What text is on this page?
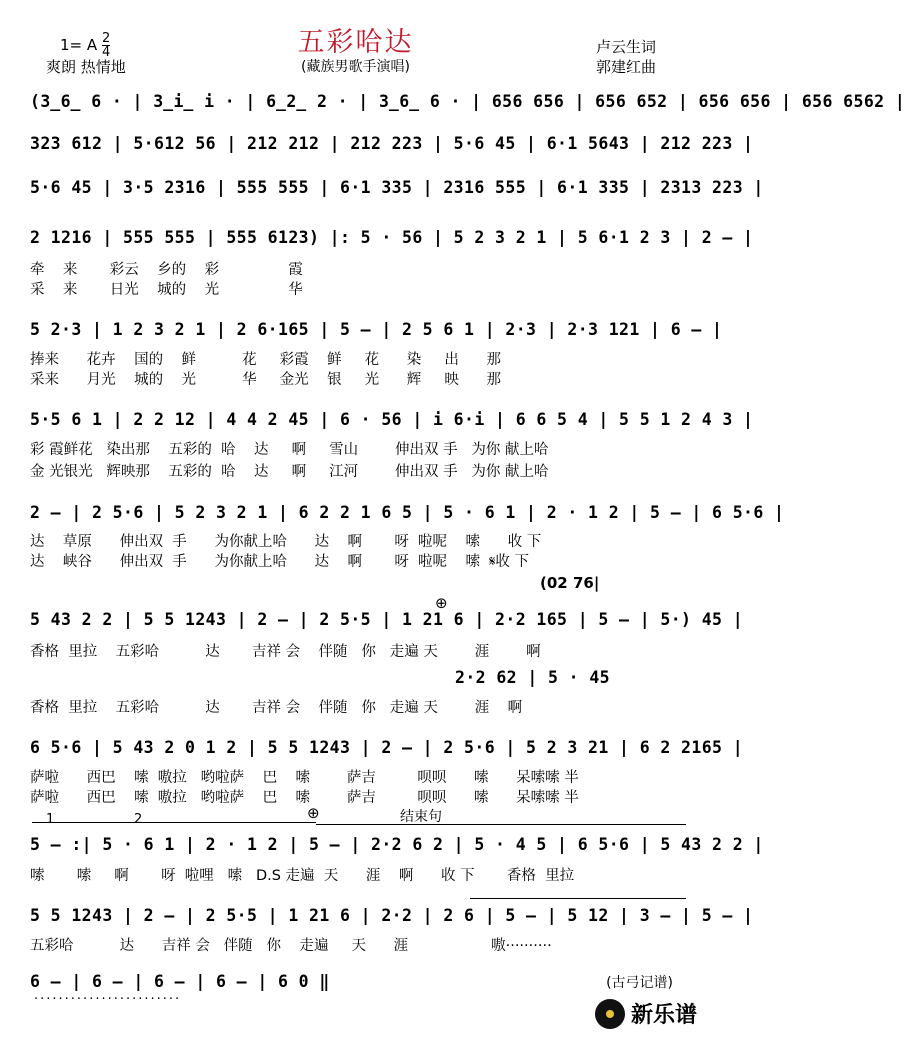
1= A $\frac{2}{4}$
爽朗 热情地
五彩哈达
(藏族男歌手演唱)
卢云生词
郭建红曲
(3̲6̲ 6 · | 3̲i̲ i · | 6̲2̲ 2 · | 3̲6̲ 6 · | 656 656 | 656 652 | 656 656 | 656 6562 |
323 612 | 5·612 56 | 212 212 | 212 223 | 5·6 45 | 6·1 5643 | 212 223 |
5·6 45 | 3·5 2316 | 555 555 | 6·1 335 | 2316 555 | 6·1 335 | 2313 223 |
2 1216 | 555 555 | 555 6123) |: 5 · 56 | 5 2 3 2 1 | 5 6·1 2 3 | 2 – |
牵    来       彩云    乡的    彩               霞
采    来       日光    城的    光               华
5 2·3 | 1 2 3 2 1 | 2 6·165 | 5 – | 2 5 6 1 | 2·3 | 2·3 121 | 6 – |
捧来      花卉    国的    鲜          花     彩霞    鲜     花      染     出      那
采来      月光    城的    光          华     金光    银     光      辉     映      那
5·5 6 1 | 2 2 12 | 4 4 2 45 | 6 · 56 | i 6·i | 6 6 5 4 | 5 5 1 2 4 3 |
彩 霞鲜花   染出那    五彩的  哈    达     啊     雪山        伸出双 手   为你 献上哈
金 光银光   辉映那    五彩的  哈    达     啊     江河        伸出双 手   为你 献上哈
2 – | 2 5·6 | 5 2 3 2 1 | 6 2 2 1 6 5 | 5 · 6 1 | 2 · 1 2 | 5 – | 6 5·6 |
达    草原      伸出双  手      为你献上哈      达    啊       呀  啦呢    嗦      收 下
达    峡谷      伸出双  手      为你献上哈      达    啊       呀  啦呢    嗦  𝄋收 下
(02 76|
⊕
5 43 2 2 | 5 5 1243 | 2 – | 2 5·5 | 1 21 6 | 2·2 165 | 5 – | 5·) 45 |
香格  里拉    五彩哈          达       吉祥 会    伴随   你   走遍 天        涯        啊
2·2 62 | 5 · 45
香格  里拉    五彩哈          达       吉祥 会    伴随   你   走遍 天        涯    啊
6 5·6 | 5 43 2 0 1 2 | 5 5 1243 | 2 – | 2 5·6 | 5 2 3 21 | 6 2 2165 |
萨啦      西巴    嗦  嗷拉   哟啦萨    巴    嗦        萨吉         呗呗      嗦      呆嗦嗦 半
萨啦      西巴    嗦  嗷拉   哟啦萨    巴    嗦        萨吉         呗呗      嗦      呆嗦嗦 半
1	2	⊕	结束句
5 – :| 5 · 6 1 | 2 · 1 2 | 5 – | 2·2 6 2 | 5 · 4 5 | 6 5·6 | 5 43 2 2 |
嗦       嗦     啊       呀  啦哩   嗦   D.S 走遍  天      涯    啊      收 下       香格  里拉
5 5 1243 | 2 – | 2 5·5 | 1 21 6 | 2·2 | 2 6 | 5 – | 5 12 | 3 – | 5 – |
五彩哈          达      吉祥 会   伴随   你    走遍     天      涯                  嗷··········
6 – | 6 – | 6 – | 6 – | 6 0 ‖
························
(古弓记谱)
新乐谱
